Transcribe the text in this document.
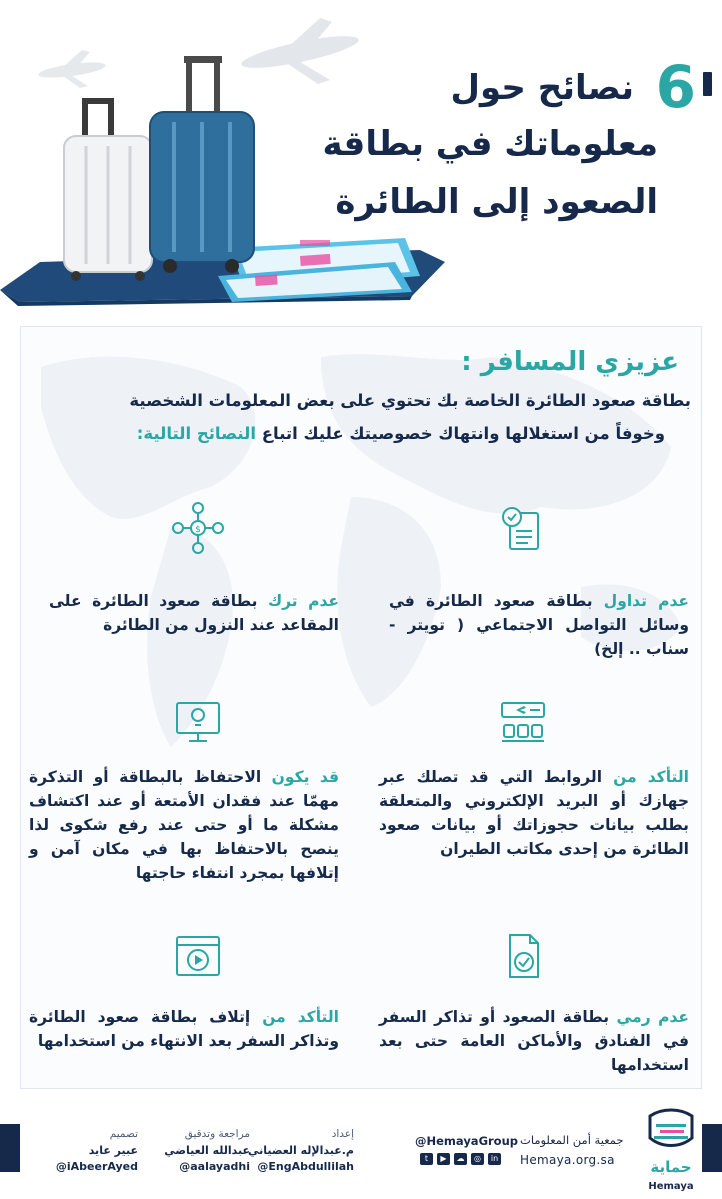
6
نصائح حول
معلوماتك في بطاقة
الصعود إلى الطائرة
عزيزي المسافر :
بطاقة صعود الطائرة الخاصة بك تحتوي على بعض المعلومات الشخصية
وخوفاً من استغلالها وانتهاك خصوصيتك عليك اتباع النصائح التالية:
عدم تداول بطاقة صعود الطائرة في وسائل التواصل الاجتماعي ( تويتر - سناب .. إلخ)
$
عدم ترك بطاقة صعود الطائرة على المقاعد عند النزول من الطائرة
التأكد من الروابط التي قد تصلك عبر جهازك أو البريد الإلكتروني والمتعلقة بطلب بيانات حجوزاتك أو بيانات صعود الطائرة من إحدى مكاتب الطيران
قد يكون الاحتفاظ بالبطاقة أو التذكرة مهمّا عند فقدان الأمتعة أو عند اكتشاف مشكلة ما أو حتى عند رفع شكوى لذا ينصح بالاحتفاظ بها في مكان آمن و إتلافها بمجرد انتفاء حاجتها
عدم رمي بطاقة الصعود أو تذاكر السفر في الفنادق والأماكن العامة حتى بعد استخدامها
التأكد من إتلاف بطاقة صعود الطائرة وتذاكر السفر بعد الانتهاء من استخدامها
إعداد
م.عبدالإله العضياني
@EngAbdullilah
مراجعة وتدقيق
عبدالله العياضي
@aalayadhi
تصميم
عبير عايد
@iAbeerAyed
@HemayaGroup
t	▶	☁	◎	in
جمعية أمن المعلومات
Hemaya.org.sa	حماية
Hemaya
